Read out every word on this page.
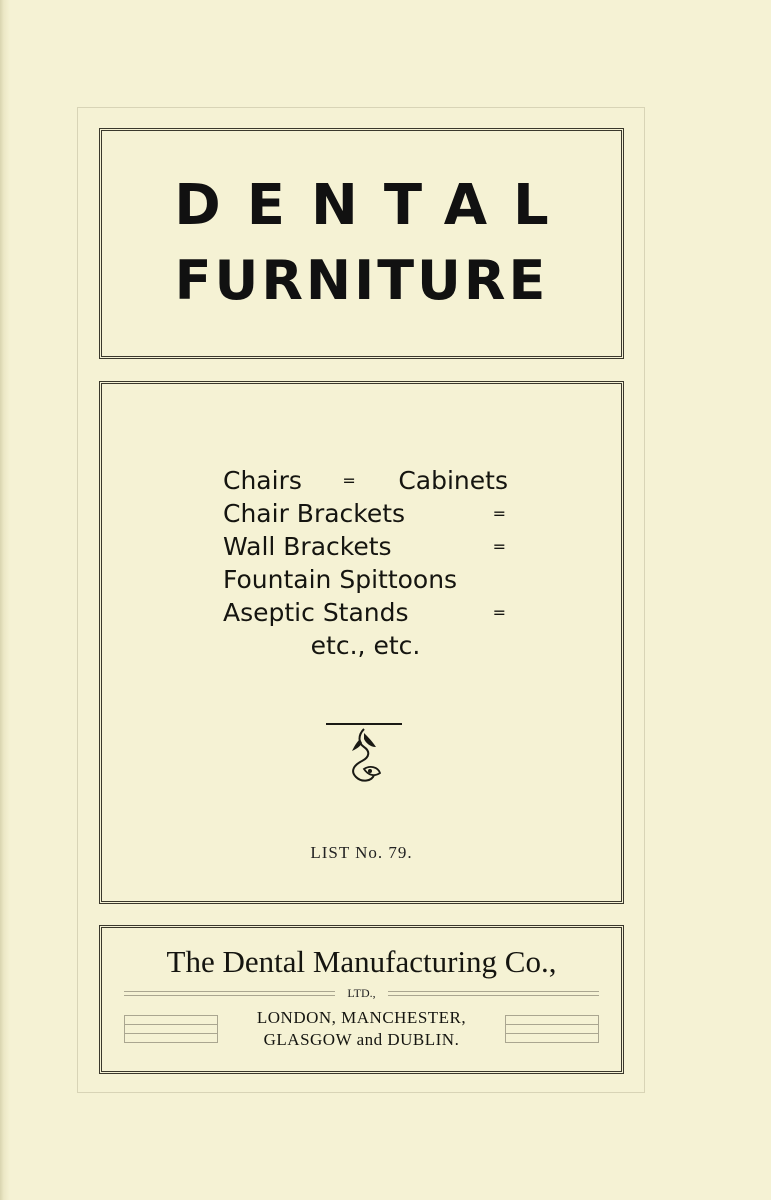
DENTAL
FURNITURE
Chairs	= Cabinets
Chair Brackets	=
Wall Brackets	=
Fountain Spittoons
Aseptic Stands	=
etc., etc.
LIST No. 79.
The Dental Manufacturing Co.,
LTD.,
LONDON, MANCHESTER,
GLASGOW and DUBLIN.
